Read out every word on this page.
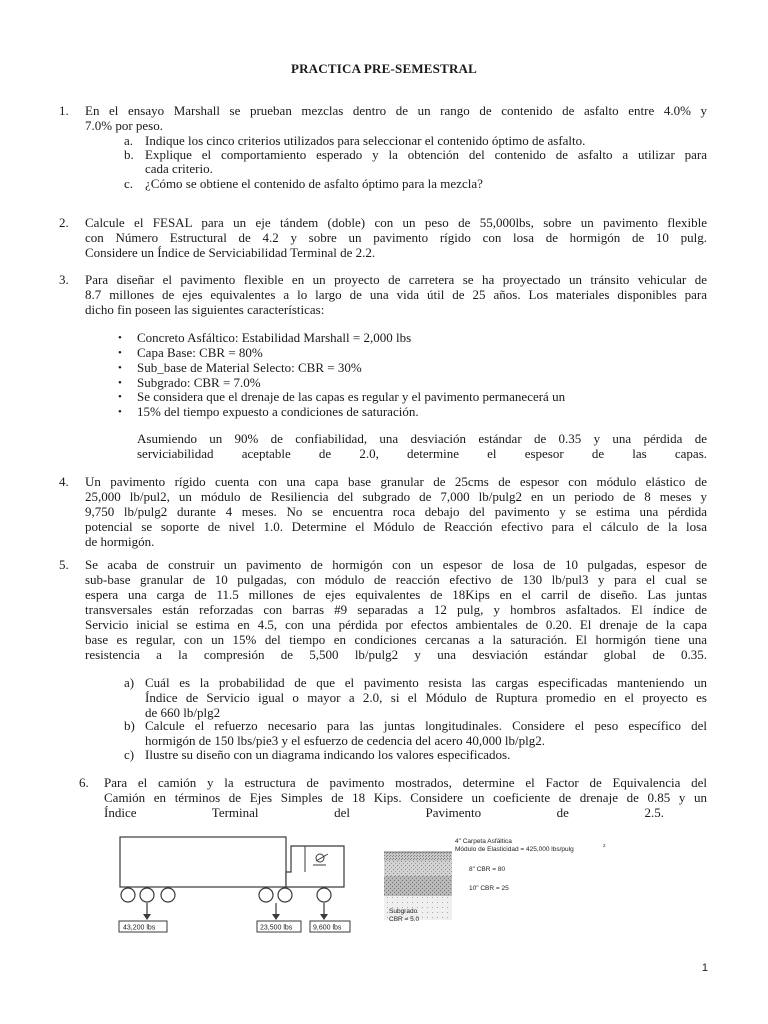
PRACTICA PRE-SEMESTRAL
1. En el ensayo Marshall se prueban mezclas dentro de un rango de contenido de asfalto entre 4.0% y
7.0% por peso.
a. Indique los cinco criterios utilizados para seleccionar el contenido óptimo de asfalto.
b. Explique el comportamiento esperado y la obtención del contenido de asfalto a utilizar para
cada criterio.
c. ¿Cómo se obtiene el contenido de asfalto óptimo para la mezcla?
2. Calcule el FESAL para un eje tándem (doble) con un peso de 55,000lbs, sobre un pavimento flexible
con Número Estructural de 4.2 y sobre un pavimento rígido con losa de hormigón de 10 pulg.
Considere un Índice de Serviciabilidad Terminal de 2.2.
3. Para diseñar el pavimento flexible en un proyecto de carretera se ha proyectado un tránsito vehicular de
8.7 millones de ejes equivalentes a lo largo de una vida útil de 25 años. Los materiales disponibles para
dicho fin poseen las siguientes características:
• Concreto Asfáltico: Estabilidad Marshall = 2,000 lbs
• Capa Base: CBR = 80%
• Sub_base de Material Selecto: CBR = 30%
• Subgrado: CBR = 7.0%
• Se considera que el drenaje de las capas es regular y el pavimento permanecerá un
• 15% del tiempo expuesto a condiciones de saturación.
Asumiendo un 90% de confiabilidad, una desviación estándar de 0.35 y una pérdida de
serviciabilidad aceptable de 2.0, determine el espesor de las capas.
4. Un pavimento rígido cuenta con una capa base granular de 25cms de espesor con módulo elástico de
25,000 lb/pul2, un módulo de Resiliencia del subgrado de 7,000 lb/pulg2 en un periodo de 8 meses y
9,750 lb/pulg2 durante 4 meses. No se encuentra roca debajo del pavimento y se estima una pérdida
potencial se soporte de nivel 1.0. Determine el Módulo de Reacción efectivo para el cálculo de la losa
de hormigón.
5. Se acaba de construir un pavimento de hormigón con un espesor de losa de 10 pulgadas, espesor de
sub-base granular de 10 pulgadas, con módulo de reacción efectivo de 130 lb/pul3 y para el cual se
espera una carga de 11.5 millones de ejes equivalentes de 18Kips en el carril de diseño. Las juntas
transversales están reforzadas con barras #9 separadas a 12 pulg, y hombros asfaltados. El índice de
Servicio inicial se estima en 4.5, con una pérdida por efectos ambientales de 0.20. El drenaje de la capa
base es regular, con un 15% del tiempo en condiciones cercanas a la saturación. El hormigón tiene una
resistencia a la compresión de 5,500 lb/pulg2 y una desviación estándar global de 0.35.
a) Cuál es la probabilidad de que el pavimento resista las cargas especificadas manteniendo un
Índice de Servicio igual o mayor a 2.0, si el Módulo de Ruptura promedio en el proyecto es
de 660 lb/plg2
b) Calcule el refuerzo necesario para las juntas longitudinales. Considere el peso específico del
hormigón de 150 lbs/pie3 y el esfuerzo de cedencia del acero 40,000 lb/plg2.
c) Ilustre su diseño con un diagrama indicando los valores especificados.
6. Para el camión y la estructura de pavimento mostrados, determine el Factor de Equivalencia del
Camión en términos de Ejes Simples de 18 Kips. Considere un coeficiente de drenaje de 0.85 y un
Índice Terminal del Pavimento de 2.5.
43,200 lbs	23,500 lbs	9,600 lbs
4" Carpeta Asfáltica
Módulo de Elasticidad = 425,000 lbs/pulg
2
8" CBR = 80
10" CBR = 25
Subgrado
CBR = 5.0
1
